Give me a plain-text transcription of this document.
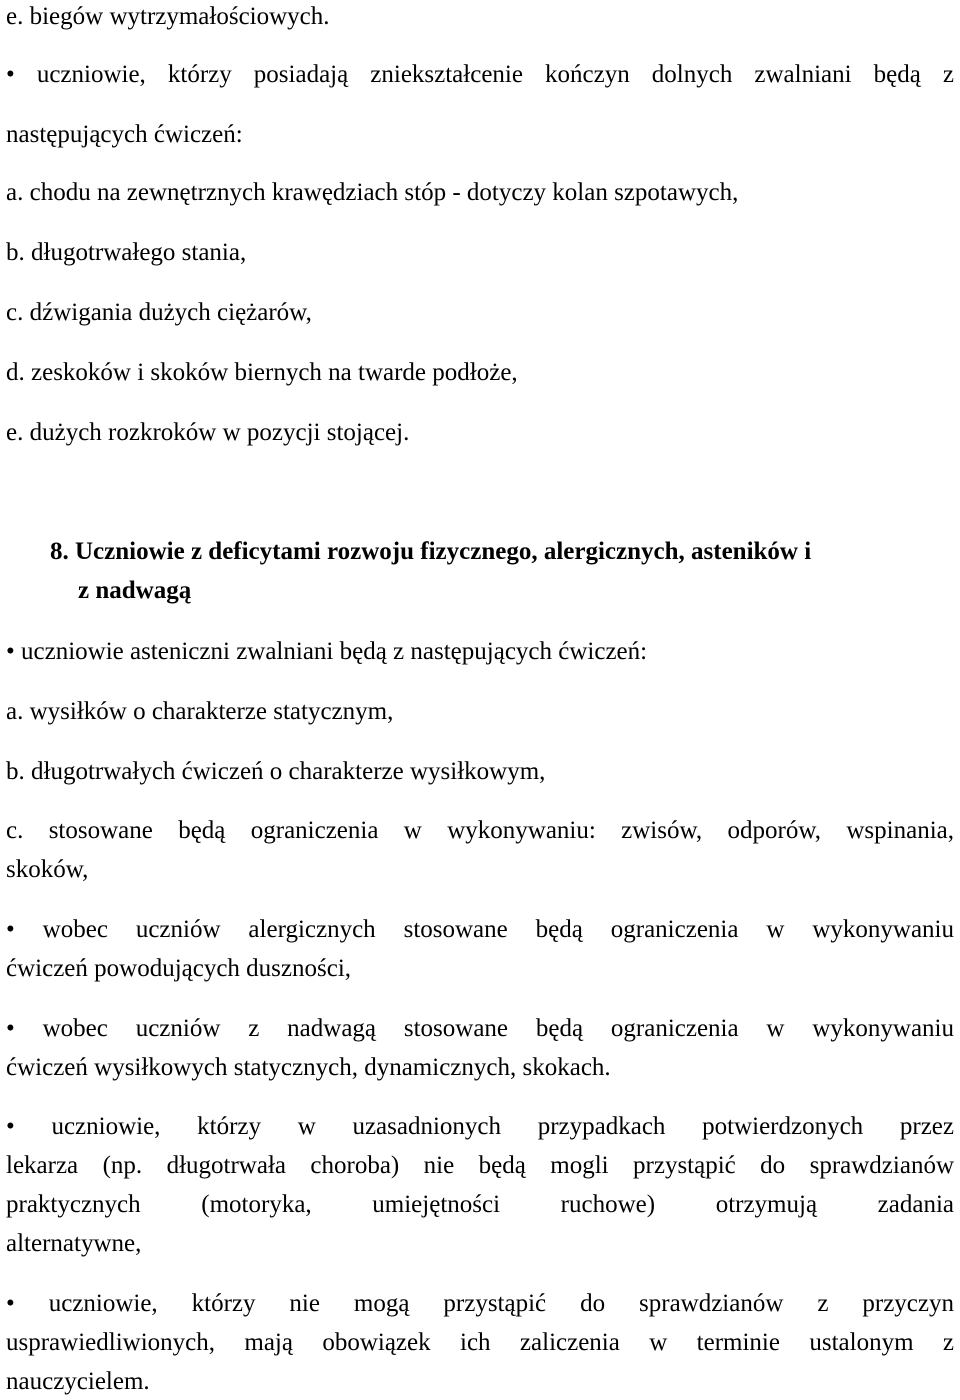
e. biegów wytrzymałościowych.

• uczniowie, którzy posiadają zniekształcenie kończyn dolnych zwalniani będą z

następujących ćwiczeń:

a. chodu na zewnętrznych krawędziach stóp - dotyczy kolan szpotawych,

b. długotrwałego stania,

c. dźwigania dużych ciężarów,

d. zeskoków i skoków biernych na twarde podłoże,

e. dużych rozkroków w pozycji stojącej.

8. Uczniowie z deficytami rozwoju fizycznego, alergicznych, asteników i

z nadwagą

• uczniowie asteniczni zwalniani będą z następujących ćwiczeń:

a. wysiłków o charakterze statycznym,

b. długotrwałych ćwiczeń o charakterze wysiłkowym,

c. stosowane będą ograniczenia w wykonywaniu: zwisów, odporów, wspinania,

skoków,

• wobec uczniów alergicznych stosowane będą ograniczenia w wykonywaniu

ćwiczeń powodujących duszności,

• wobec uczniów z nadwagą stosowane będą ograniczenia w wykonywaniu

ćwiczeń wysiłkowych statycznych, dynamicznych, skokach.

• uczniowie, którzy w uzasadnionych przypadkach potwierdzonych przez

lekarza (np. długotrwała choroba) nie będą mogli przystąpić do sprawdzianów

praktycznych (motoryka, umiejętności ruchowe) otrzymują zadania

alternatywne,

• uczniowie, którzy nie mogą przystąpić do sprawdzianów z przyczyn

usprawiedliwionych, mają obowiązek ich zaliczenia w terminie ustalonym z

nauczycielem.
